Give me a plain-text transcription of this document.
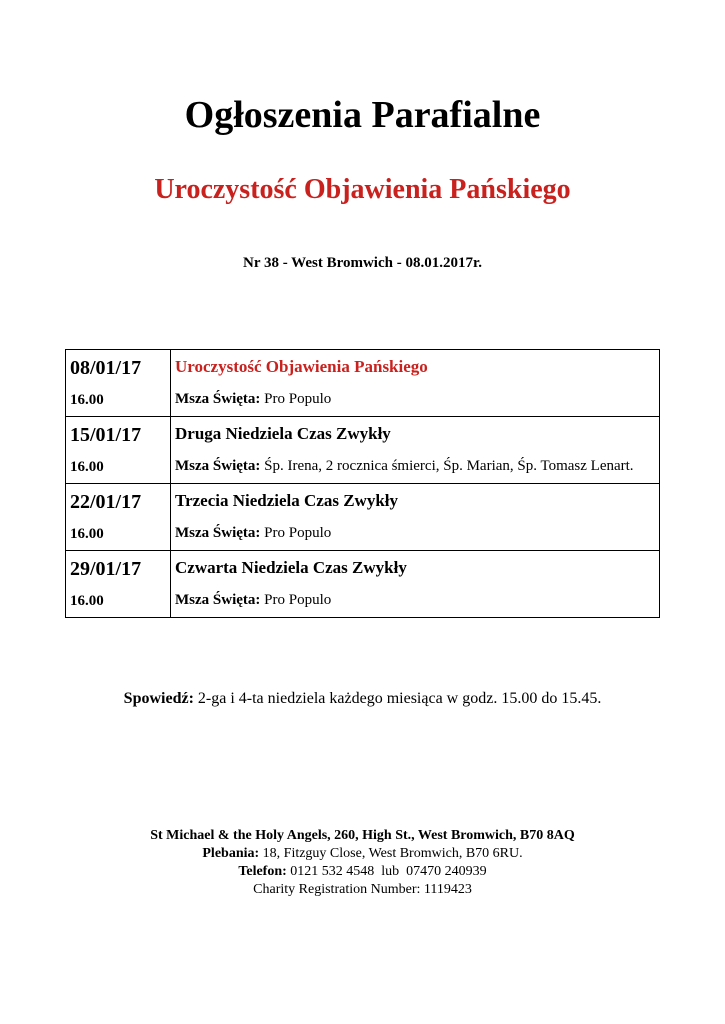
Ogłoszenia Parafialne
Uroczystość Objawienia Pańskiego
Nr 38 - West Bromwich - 08.01.2017r.
08/01/17
16.00	Uroczystość Objawienia Pańskiego
Msza Święta: Pro Populo

15/01/17
16.00	Druga Niedziela Czas Zwykły
Msza Święta: Śp. Irena, 2 rocznica śmierci, Śp. Marian, Śp. Tomasz Lenart.

22/01/17
16.00	Trzecia Niedziela Czas Zwykły
Msza Święta: Pro Populo

29/01/17
16.00	Czwarta Niedziela Czas Zwykły
Msza Święta: Pro Populo
Spowiedź: 2-ga i 4-ta niedziela każdego miesiąca w godz. 15.00 do 15.45.
St Michael & the Holy Angels, 260, High St., West Bromwich, B70 8AQ
Plebania: 18, Fitzguy Close, West Bromwich, B70 6RU.
Telefon: 0121 532 4548  lub  07470 240939
Charity Registration Number: 1119423
